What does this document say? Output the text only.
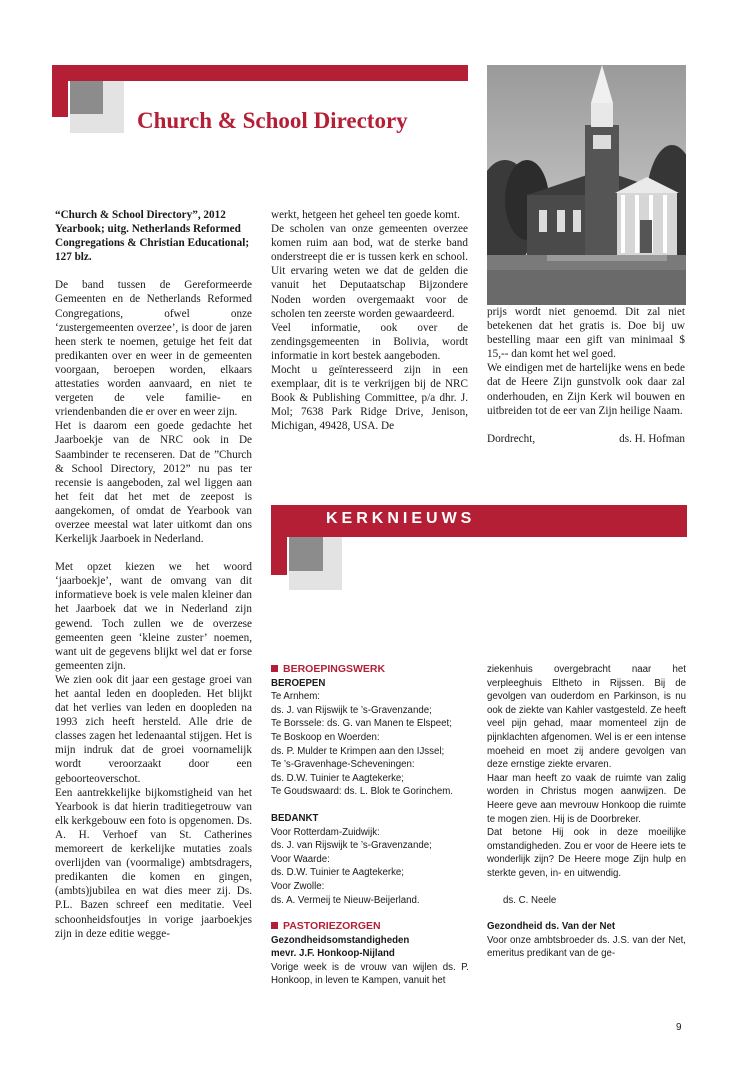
Church & School Directory

“Church & School Directory”, 2012 Yearbook; uitg. Netherlands Reformed Congregations & Christian Educational; 127 blz.

De band tussen de Gereformeerde Gemeenten en de Netherlands Reformed Congregations, ofwel onze ‘zustergemeenten overzee’, is door de jaren heen sterk te noemen, getuige het feit dat predikanten over en weer in de gemeenten voorgaan, beroepen worden, elkaars attestaties worden aanvaard, en niet te vergeten de vele familie- en vriendenbanden die er over en weer zijn.

Het is daarom een goede gedachte het Jaarboekje van de NRC ook in De Saambinder te recenseren. Dat de ”Church & School Directory, 2012” nu pas ter recensie is aangeboden, zal wel liggen aan het feit dat het met de zeepost is aangekomen, of omdat de Yearbook van overzee meestal wat later uitkomt dan ons Kerkelijk Jaarboek in Nederland.

Met opzet kiezen we het woord ‘jaarboekje’, want de omvang van dit informatieve boek is vele malen kleiner dan het Jaarboek dat we in Nederland zijn gewend. Toch zullen we de overzese gemeenten geen ‘kleine zuster’ noemen, want uit de gegevens blijkt wel dat er forse gemeenten zijn.

We zien ook dit jaar een gestage groei van het aantal leden en doopleden. Het blijkt dat het verlies van leden en doopleden na 1993 zich heeft hersteld. Alle drie de classes zagen het ledenaantal stijgen. Het is mijn indruk dat de groei voornamelijk wordt veroorzaakt door een geboorteoverschot.

Een aantrekkelijke bijkomstigheid van het Yearbook is dat hierin traditiegetrouw van elk kerkgebouw een foto is opgenomen. Ds. A. H. Verhoef van St. Catherines memoreert de kerkelijke mutaties zoals overlijden van (voormalige) ambtsdragers, predikanten die komen en gingen, (ambts)jubilea en wat dies meer zij. Ds. P.L. Bazen schreef een meditatie. Veel schoonheidsfoutjes in vorige jaarboekjes zijn in deze editie wegge-

werkt, hetgeen het geheel ten goede komt.

De scholen van onze gemeenten overzee komen ruim aan bod, wat de sterke band onderstreept die er is tussen kerk en school. Uit ervaring weten we dat de gelden die vanuit het Deputaatschap Bijzondere Noden worden overgemaakt voor de scholen ten zeerste worden gewaardeerd.

Veel informatie, ook over de zendingsgemeenten in Bolivia, wordt informatie in kort bestek aangeboden.

Mocht u geïnteresseerd zijn in een exemplaar, dit is te verkrijgen bij de NRC Book & Publishing Committee, p/a dhr. J. Mol; 7638 Park Ridge Drive, Jenison, Michigan, 49428, USA. De

prijs wordt niet genoemd. Dit zal niet betekenen dat het gratis is. Doe bij uw bestelling maar een gift van minimaal $ 15,-- dan komt het wel goed.

We eindigen met de hartelijke wens en bede dat de Heere Zijn gunstvolk ook daar zal onderhouden, en Zijn Kerk wil bouwen en uitbreiden tot de eer van Zijn heilige Naam.

Dordrecht,	ds. H. Hofman
KERKNIEUWS

BEROEPINGSWERK

BEROEPEN

Te Arnhem:

ds. J. van Rijswijk te ’s-Gravenzande;

Te Borssele: ds. G. van Manen te Elspeet;

Te Boskoop en Woerden:

ds. P. Mulder te Krimpen aan den IJssel;

Te ’s-Gravenhage-Scheveningen:

ds. D.W. Tuinier te Aagtekerke;

Te Goudswaard: ds. L. Blok te Gorinchem.

BEDANKT

Voor Rotterdam-Zuidwijk:

ds. J. van Rijswijk te ’s-Gravenzande;

Voor Waarde:

ds. D.W. Tuinier te Aagtekerke;

Voor Zwolle:

ds. A. Vermeij te Nieuw-Beijerland.

PASTORIEZORGEN

Gezondheidsomstandigheden

mevr. J.F. Honkoop-Nijland

Vorige week is de vrouw van wijlen ds. P. Honkoop, in leven te Kampen, vanuit het

ziekenhuis overgebracht naar het verpleeghuis Eltheto in Rijssen. Bij de gevolgen van ouderdom en Parkinson, is nu ook de ziekte van Kahler vastgesteld. Ze heeft veel pijn gehad, maar momenteel zijn de pijnklachten afgenomen. Wel is er een intense moeheid en moet zij andere gevolgen van deze ernstige ziekte ervaren.

Haar man heeft zo vaak de ruimte van zalig worden in Christus mogen aanwijzen. De Heere geve aan mevrouw Honkoop die ruimte te mogen zien. Hij is de Doorbreker.

Dat betone Hij ook in deze moeilijke omstandigheden. Zou er voor de Heere iets te wonderlijk zijn? De Heere moge Zijn hulp en sterkte geven, in- en uitwendig.

ds. C. Neele

Gezondheid ds. Van der Net

Voor onze ambtsbroeder ds. J.S. van der Net, emeritus predikant van de ge-

9
